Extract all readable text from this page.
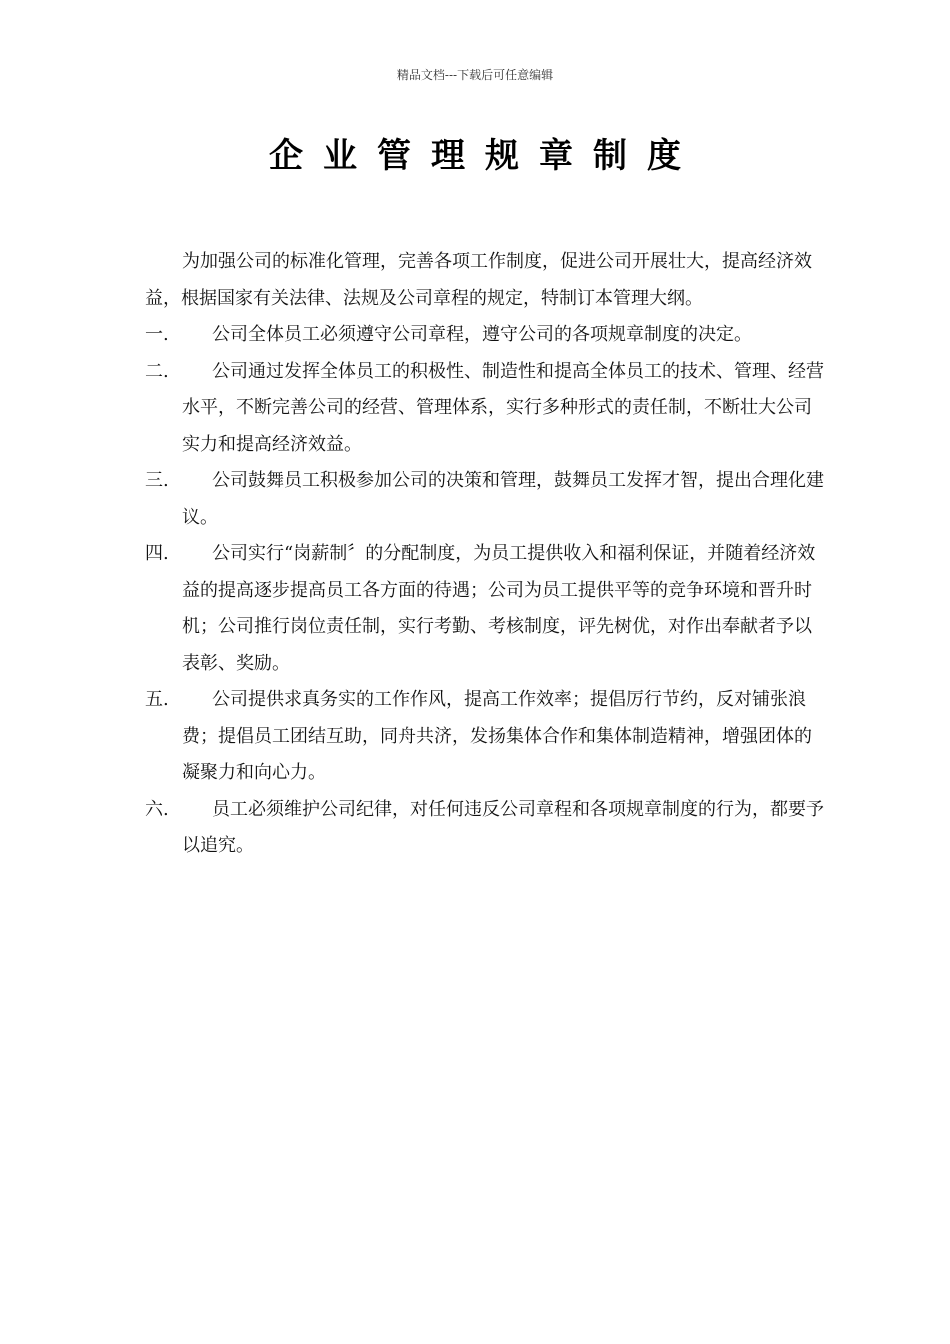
精品文档---下载后可任意编辑
企业管理规章制度

为加强公司的标准化管理，完善各项工作制度，促进公司开展壮大，提高经济效益，根据国家有关法律、法规及公司章程的规定，特制订本管理大纲。

一.	公司全体员工必须遵守公司章程，遵守公司的各项规章制度的决定。
二.	公司通过发挥全体员工的积极性、制造性和提高全体员工的技术、管理、经营水平，不断完善公司的经营、管理体系，实行多种形式的责任制，不断壮大公司实力和提高经济效益。
三.	公司鼓舞员工积极参加公司的决策和管理，鼓舞员工发挥才智，提出合理化建议。
四.	公司实行“岗薪制〞的分配制度，为员工提供收入和福利保证，并随着经济效益的提高逐步提高员工各方面的待遇；公司为员工提供平等的竞争环境和晋升时机；公司推行岗位责任制，实行考勤、考核制度，评先树优，对作出奉献者予以表彰、奖励。
五.	公司提供求真务实的工作作风，提高工作效率；提倡厉行节约，反对铺张浪费；提倡员工团结互助，同舟共济，发扬集体合作和集体制造精神，增强团体的凝聚力和向心力。
六.	员工必须维护公司纪律，对任何违反公司章程和各项规章制度的行为，都要予以追究。
